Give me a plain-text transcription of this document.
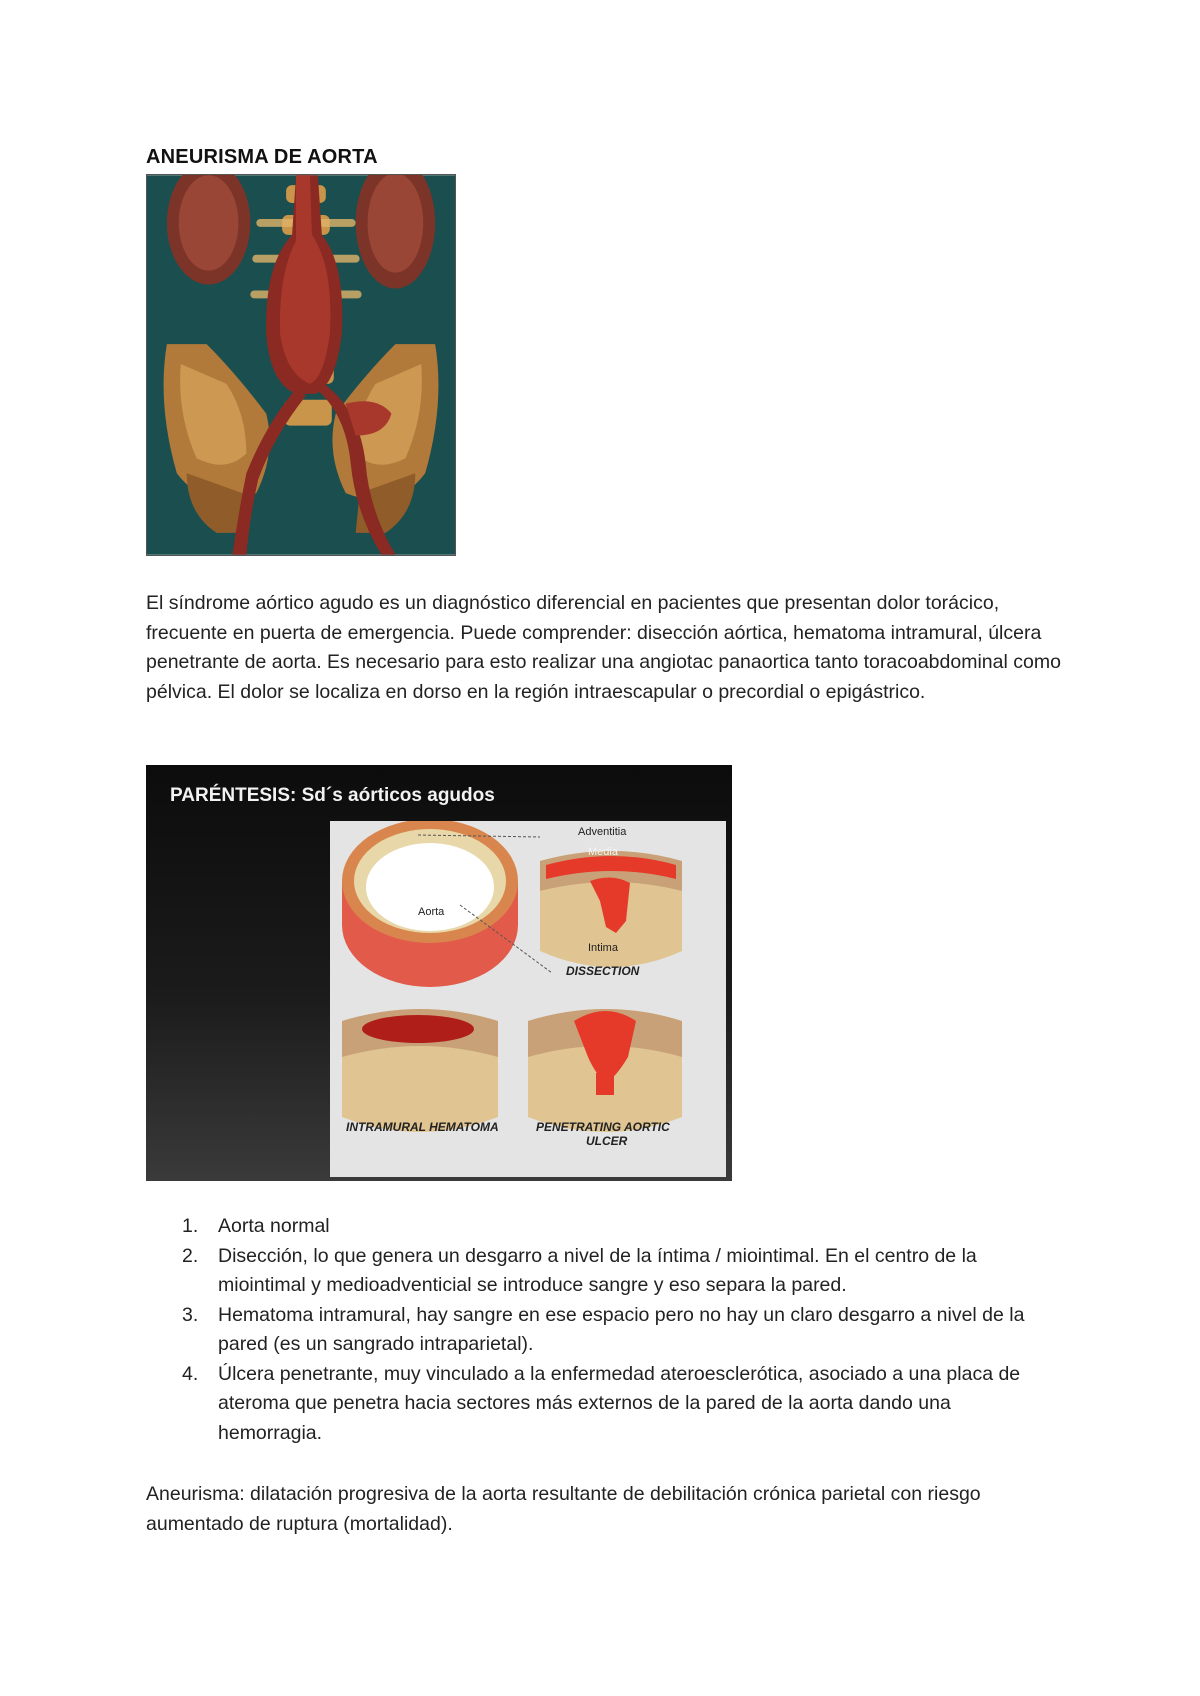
ANEURISMA DE AORTA

El síndrome aórtico agudo es un diagnóstico diferencial en pacientes que presentan dolor torácico, frecuente en puerta de emergencia. Puede comprender: disección aórtica, hematoma intramural, úlcera penetrante de aorta. Es necesario para esto realizar una angiotac panaortica tanto toracoabdominal como pélvica. El dolor se localiza en dorso en la región intraescapular o precordial o epigástrico.

PARÉNTESIS: Sd´s aórticos agudos
Adventitia
Media
Aorta
Intima
DISSECTION
INTRAMURAL HEMATOMA	PENETRATING AORTIC
ULCER
1. Aorta normal
2. Disección, lo que genera un desgarro a nivel de la íntima / miointimal. En el centro de la miointimal y medioadventicial se introduce sangre y eso separa la pared.
3. Hematoma intramural, hay sangre en ese espacio pero no hay un claro desgarro a nivel de la pared (es un sangrado intraparietal).
4. Úlcera penetrante, muy vinculado a la enfermedad ateroesclerótica, asociado a una placa de ateroma que penetra hacia sectores más externos de la pared de la aorta dando una hemorragia.

Aneurisma: dilatación progresiva de la aorta resultante de debilitación crónica parietal con riesgo aumentado de ruptura (mortalidad).
